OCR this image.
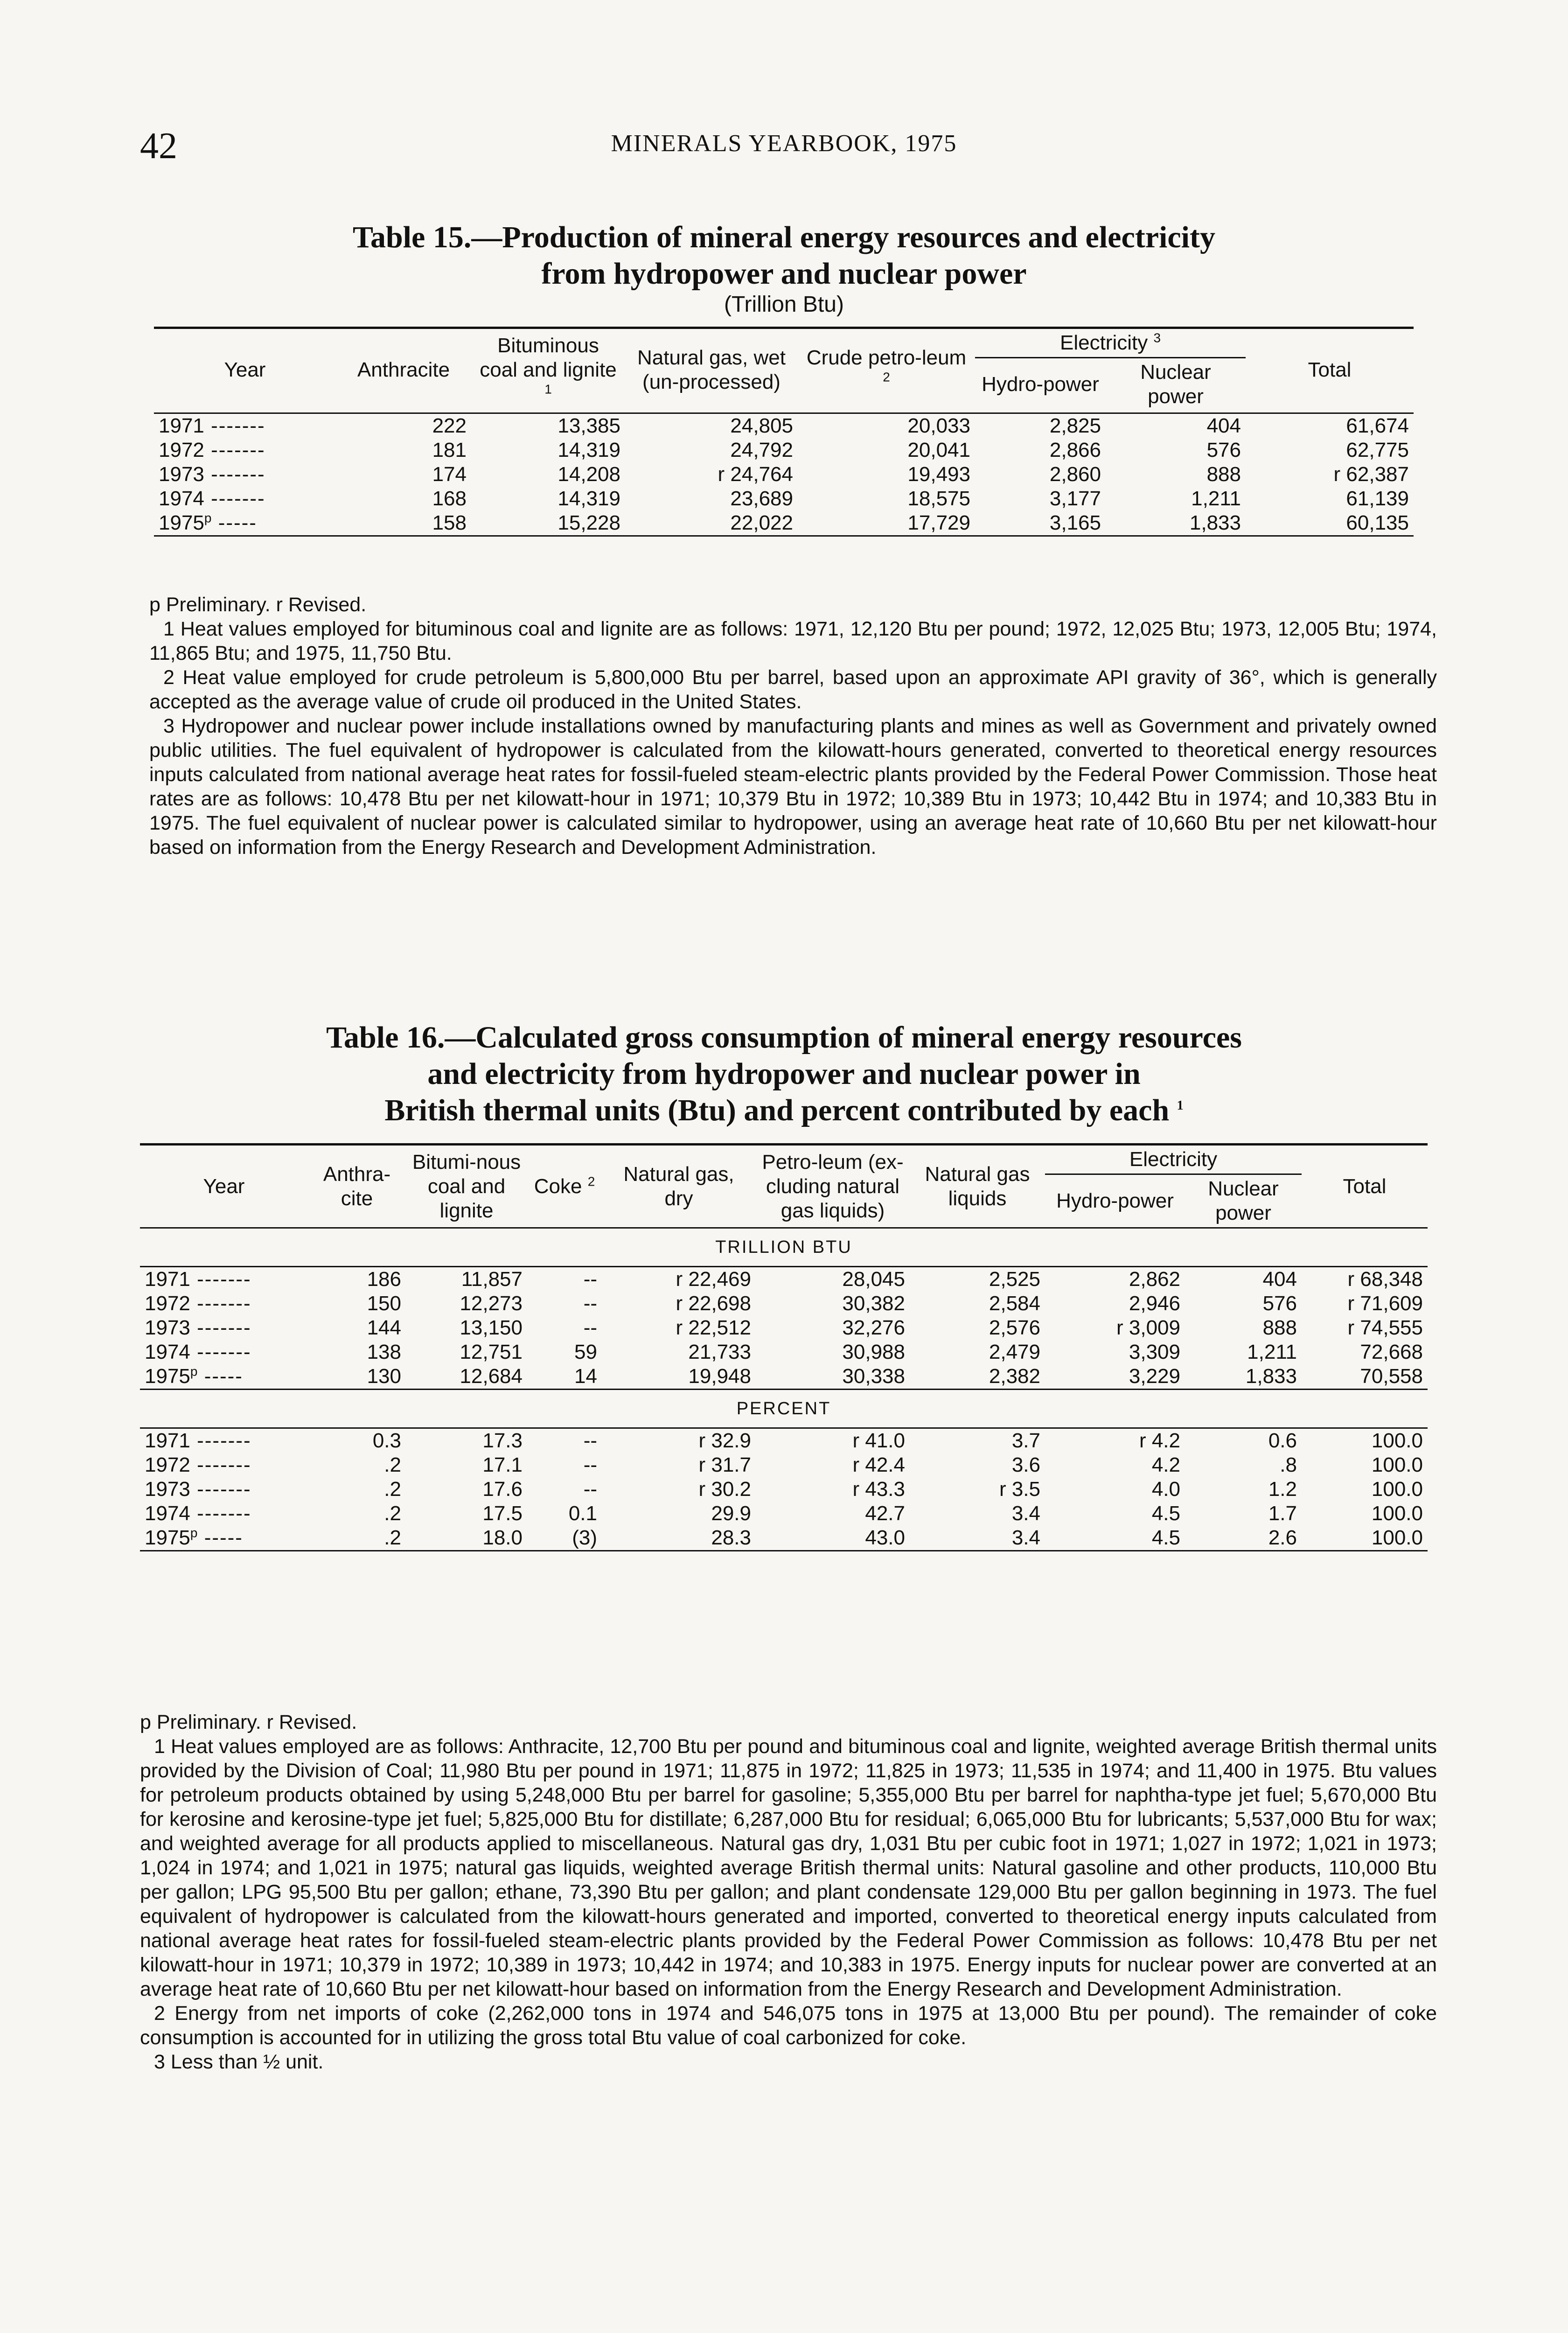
42	MINERALS YEARBOOK, 1975
Table 15.—Production of mineral energy resources and electricity
from hydropower and nuclear power
(Trillion Btu)
Year	Anthracite	Bituminous coal and lignite $^1$	Natural gas, wet (un-processed)	Crude petro-leum $^2$	Electricity $^3$		Total
					Hydro-power	Nuclear power	

1971 -------	222	13,385	24,805	20,033	2,825	404	61,674
1972 -------	181	14,319	24,792	20,041	2,866	576	62,775
1973 -------	174	14,208	r 24,764	19,493	2,860	888	r 62,387
1974 -------	168	14,319	23,689	18,575	3,177	1,211	61,139
1975$^p$ -----	158	15,228	22,022	17,729	3,165	1,833	60,135

p Preliminary. r Revised.

1 Heat values employed for bituminous coal and lignite are as follows: 1971, 12,120 Btu per pound; 1972, 12,025 Btu; 1973, 12,005 Btu; 1974, 11,865 Btu; and 1975, 11,750 Btu.

2 Heat value employed for crude petroleum is 5,800,000 Btu per barrel, based upon an approximate API gravity of 36°, which is generally accepted as the average value of crude oil produced in the United States.

3 Hydropower and nuclear power include installations owned by manufacturing plants and mines as well as Government and privately owned public utilities. The fuel equivalent of hydropower is calculated from the kilowatt-hours generated, converted to theoretical energy resources inputs calculated from national average heat rates for fossil-fueled steam-electric plants provided by the Federal Power Commission. Those heat rates are as follows: 10,478 Btu per net kilowatt-hour in 1971; 10,379 Btu in 1972; 10,389 Btu in 1973; 10,442 Btu in 1974; and 10,383 Btu in 1975. The fuel equivalent of nuclear power is calculated similar to hydropower, using an average heat rate of 10,660 Btu per net kilowatt-hour based on information from the Energy Research and Development Administration.

Table 16.—Calculated gross consumption of mineral energy resources
and electricity from hydropower and nuclear power in
British thermal units (Btu) and percent contributed by each $^1$
Year	Anthra-cite	Bitumi-nous coal and lignite	Coke $^2$	Natural gas, dry	Petro-leum (ex-cluding natural gas liquids)	Natural gas liquids	Electricity		Total
							Hydro-power	Nuclear power	
TRILLION BTU									
1971 -------	186	11,857	--	r 22,469	28,045	2,525	2,862	404	r 68,348
1972 -------	150	12,273	--	r 22,698	30,382	2,584	2,946	576	r 71,609
1973 -------	144	13,150	--	r 22,512	32,276	2,576	r 3,009	888	r 74,555
1974 -------	138	12,751	59	21,733	30,988	2,479	3,309	1,211	72,668
1975$^p$ -----	130	12,684	14	19,948	30,338	2,382	3,229	1,833	70,558
PERCENT									
1971 -------	0.3	17.3	--	r 32.9	r 41.0	3.7	r 4.2	0.6	100.0
1972 -------	.2	17.1	--	r 31.7	r 42.4	3.6	4.2	.8	100.0
1973 -------	.2	17.6	--	r 30.2	r 43.3	r 3.5	4.0	1.2	100.0
1974 -------	.2	17.5	0.1	29.9	42.7	3.4	4.5	1.7	100.0
1975$^p$ -----	.2	18.0	(3)	28.3	43.0	3.4	4.5	2.6	100.0

p Preliminary. r Revised.

1 Heat values employed are as follows: Anthracite, 12,700 Btu per pound and bituminous coal and lignite, weighted average British thermal units provided by the Division of Coal; 11,980 Btu per pound in 1971; 11,875 in 1972; 11,825 in 1973; 11,535 in 1974; and 11,400 in 1975. Btu values for petroleum products obtained by using 5,248,000 Btu per barrel for gasoline; 5,355,000 Btu per barrel for naphtha-type jet fuel; 5,670,000 Btu for kerosine and kerosine-type jet fuel; 5,825,000 Btu for distillate; 6,287,000 Btu for residual; 6,065,000 Btu for lubricants; 5,537,000 Btu for wax; and weighted average for all products applied to miscellaneous. Natural gas dry, 1,031 Btu per cubic foot in 1971; 1,027 in 1972; 1,021 in 1973; 1,024 in 1974; and 1,021 in 1975; natural gas liquids, weighted average British thermal units: Natural gasoline and other products, 110,000 Btu per gallon; LPG 95,500 Btu per gallon; ethane, 73,390 Btu per gallon; and plant condensate 129,000 Btu per gallon beginning in 1973. The fuel equivalent of hydropower is calculated from the kilowatt-hours generated and imported, converted to theoretical energy inputs calculated from national average heat rates for fossil-fueled steam-electric plants provided by the Federal Power Commission as follows: 10,478 Btu per net kilowatt-hour in 1971; 10,379 in 1972; 10,389 in 1973; 10,442 in 1974; and 10,383 in 1975. Energy inputs for nuclear power are converted at an average heat rate of 10,660 Btu per net kilowatt-hour based on information from the Energy Research and Development Administration.

2 Energy from net imports of coke (2,262,000 tons in 1974 and 546,075 tons in 1975 at 13,000 Btu per pound). The remainder of coke consumption is accounted for in utilizing the gross total Btu value of coal carbonized for coke.

3 Less than ½ unit.
